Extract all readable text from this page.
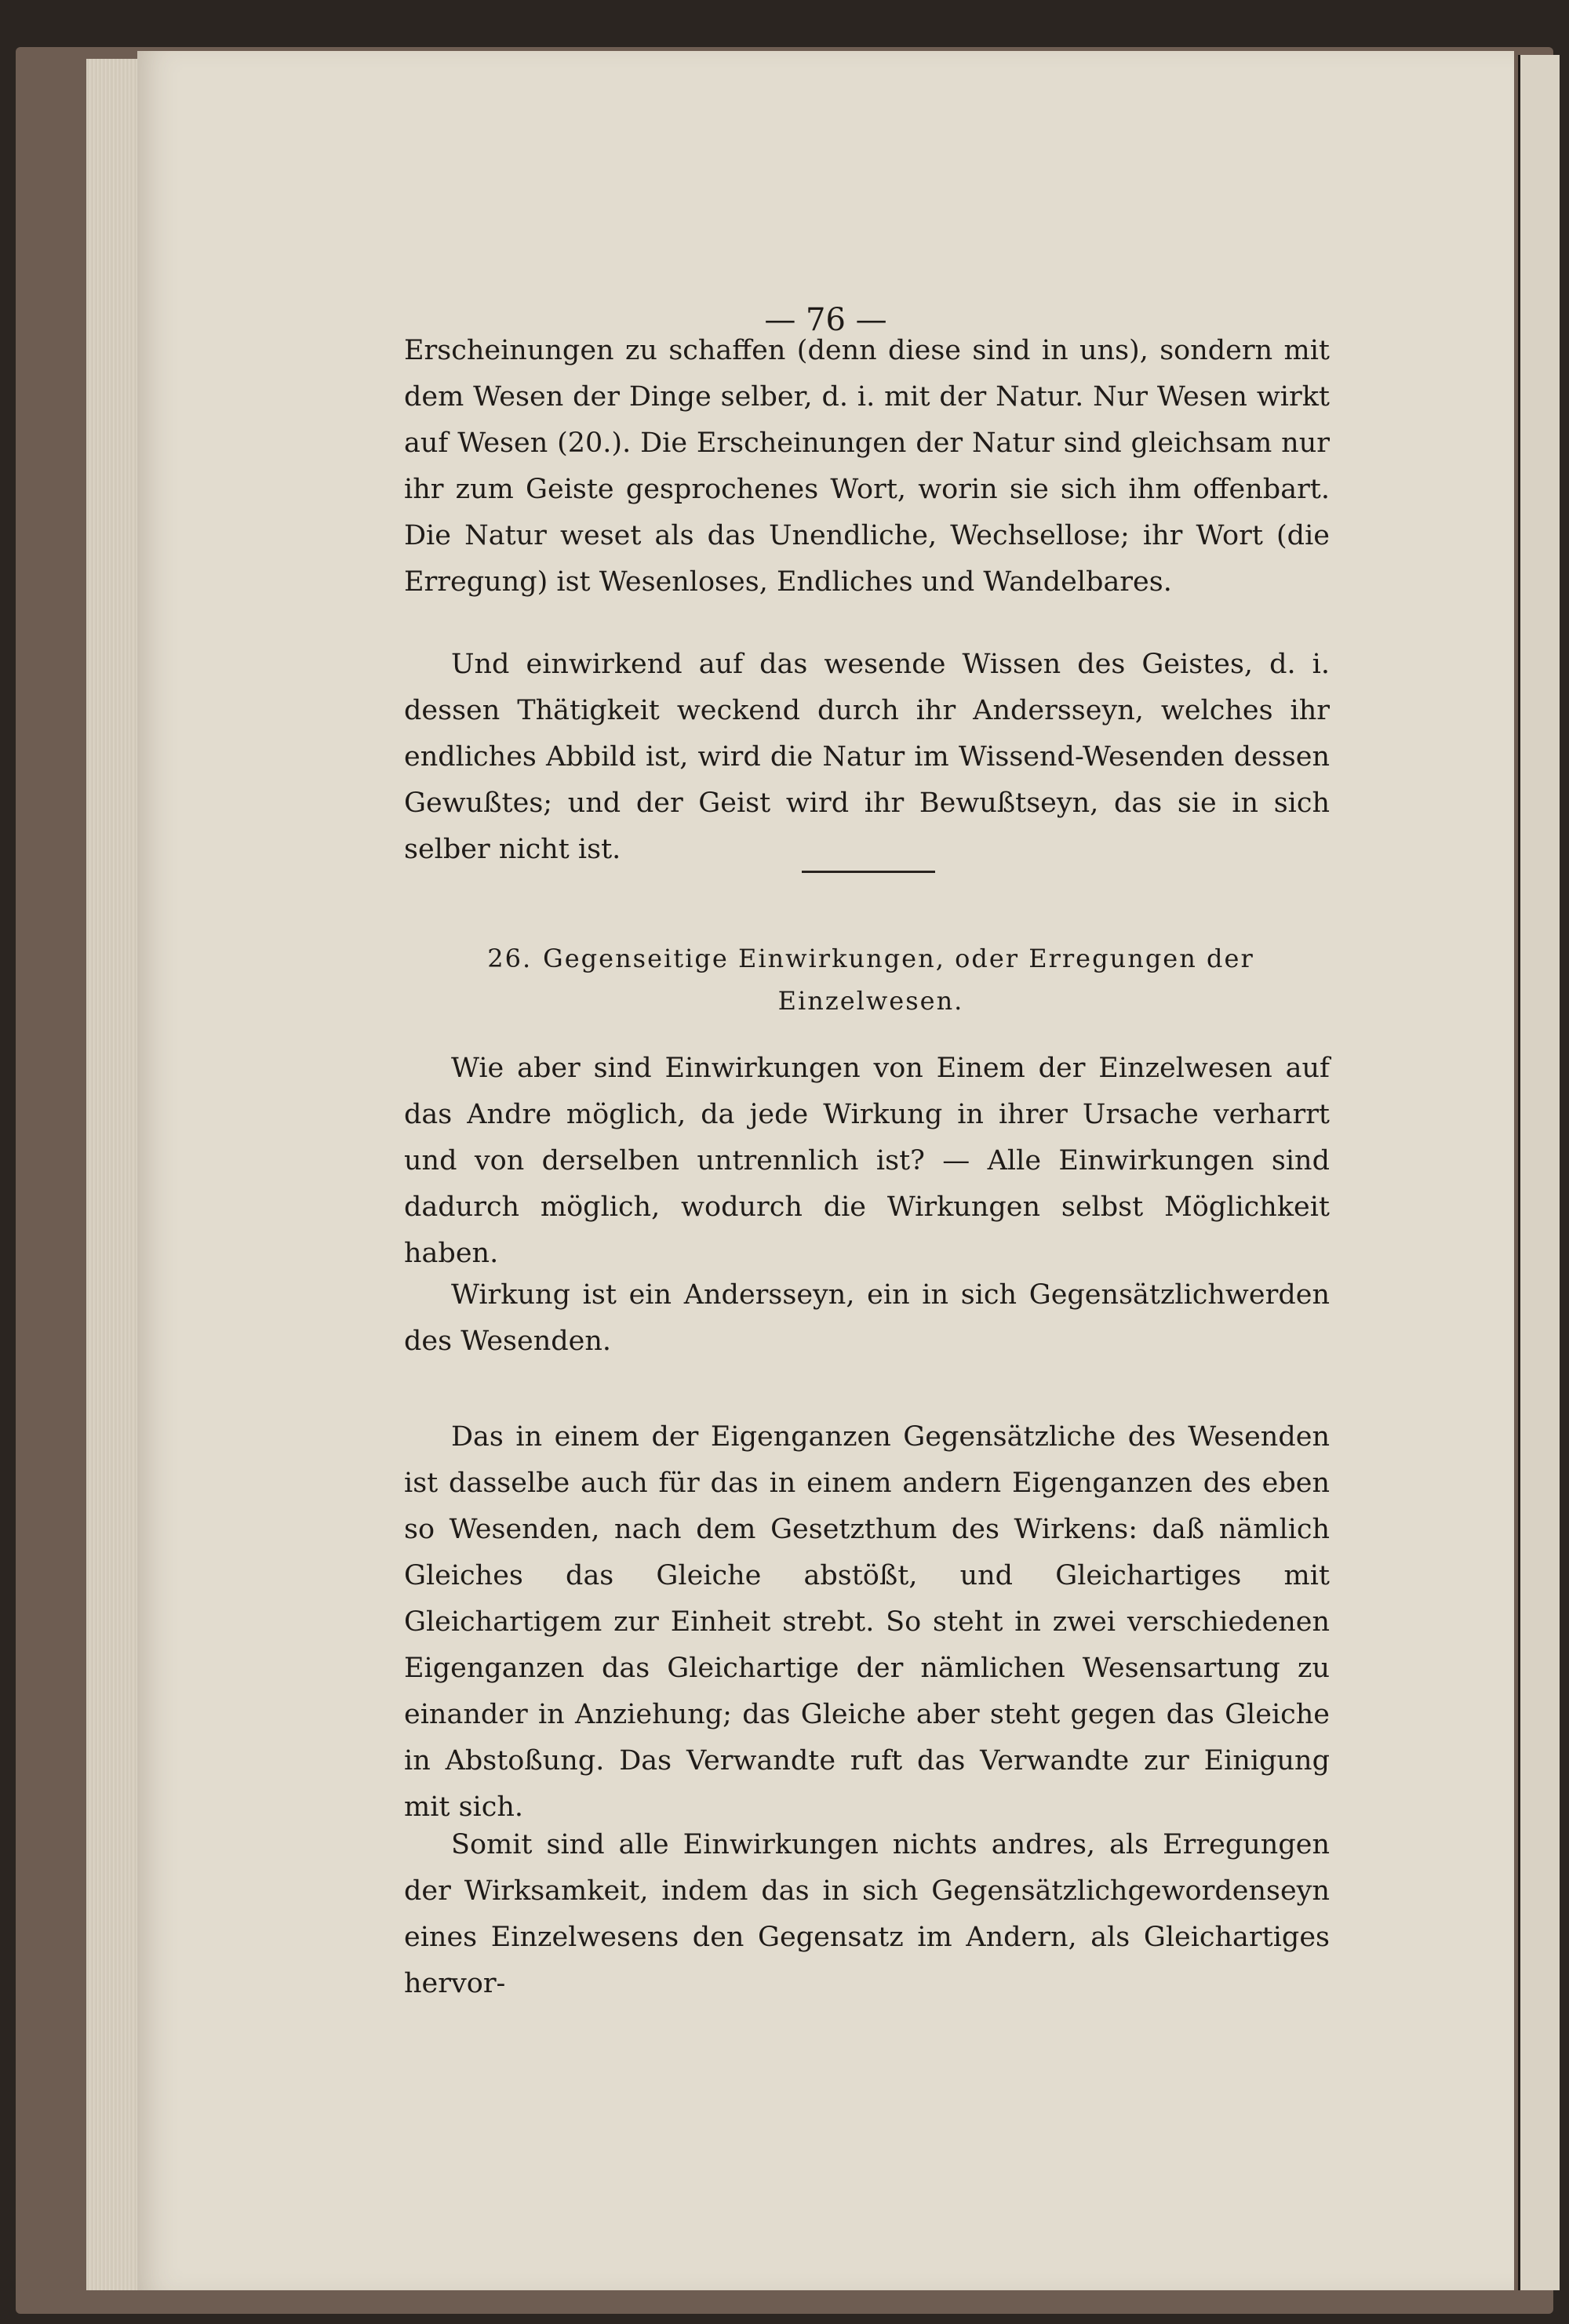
— 76 —

Erscheinungen zu schaffen (denn diese sind in uns), sondern mit dem Wesen der Dinge selber, d. i. mit der Natur. Nur Wesen wirkt auf Wesen (20.). Die Erscheinungen der Natur sind gleichsam nur ihr zum Geiste gesprochenes Wort, worin sie sich ihm offenbart. Die Natur weset als das Unendliche, Wechsellose; ihr Wort (die Erregung) ist Wesenloses, Endliches und Wandelbares.

Und einwirkend auf das wesende Wissen des Geistes, d. i. dessen Thätigkeit weckend durch ihr Andersseyn, welches ihr endliches Abbild ist, wird die Natur im Wissend-Wesenden dessen Gewußtes; und der Geist wird ihr Bewußtseyn, das sie in sich selber nicht ist.

26. Gegenseitige Einwirkungen, oder Erregungen der Einzelwesen.

Wie aber sind Einwirkungen von Einem der Einzelwesen auf das Andre möglich, da jede Wirkung in ihrer Ursache verharrt und von derselben untrennlich ist? — Alle Einwirkungen sind dadurch möglich, wodurch die Wirkungen selbst Möglichkeit haben.

Wirkung ist ein Andersseyn, ein in sich Gegensätzlichwerden des Wesenden.

Das in einem der Eigenganzen Gegensätzliche des Wesenden ist dasselbe auch für das in einem andern Eigenganzen des eben so Wesenden, nach dem Gesetzthum des Wirkens: daß nämlich Gleiches das Gleiche abstößt, und Gleichartiges mit Gleichartigem zur Einheit strebt. So steht in zwei verschiedenen Eigenganzen das Gleichartige der nämlichen Wesensartung zu einander in Anziehung; das Gleiche aber steht gegen das Gleiche in Abstoßung. Das Verwandte ruft das Verwandte zur Einigung mit sich.

Somit sind alle Einwirkungen nichts andres, als Erregungen der Wirksamkeit, indem das in sich Gegensätzlichgewordenseyn eines Einzelwesens den Gegensatz im Andern, als Gleichartiges hervor-
